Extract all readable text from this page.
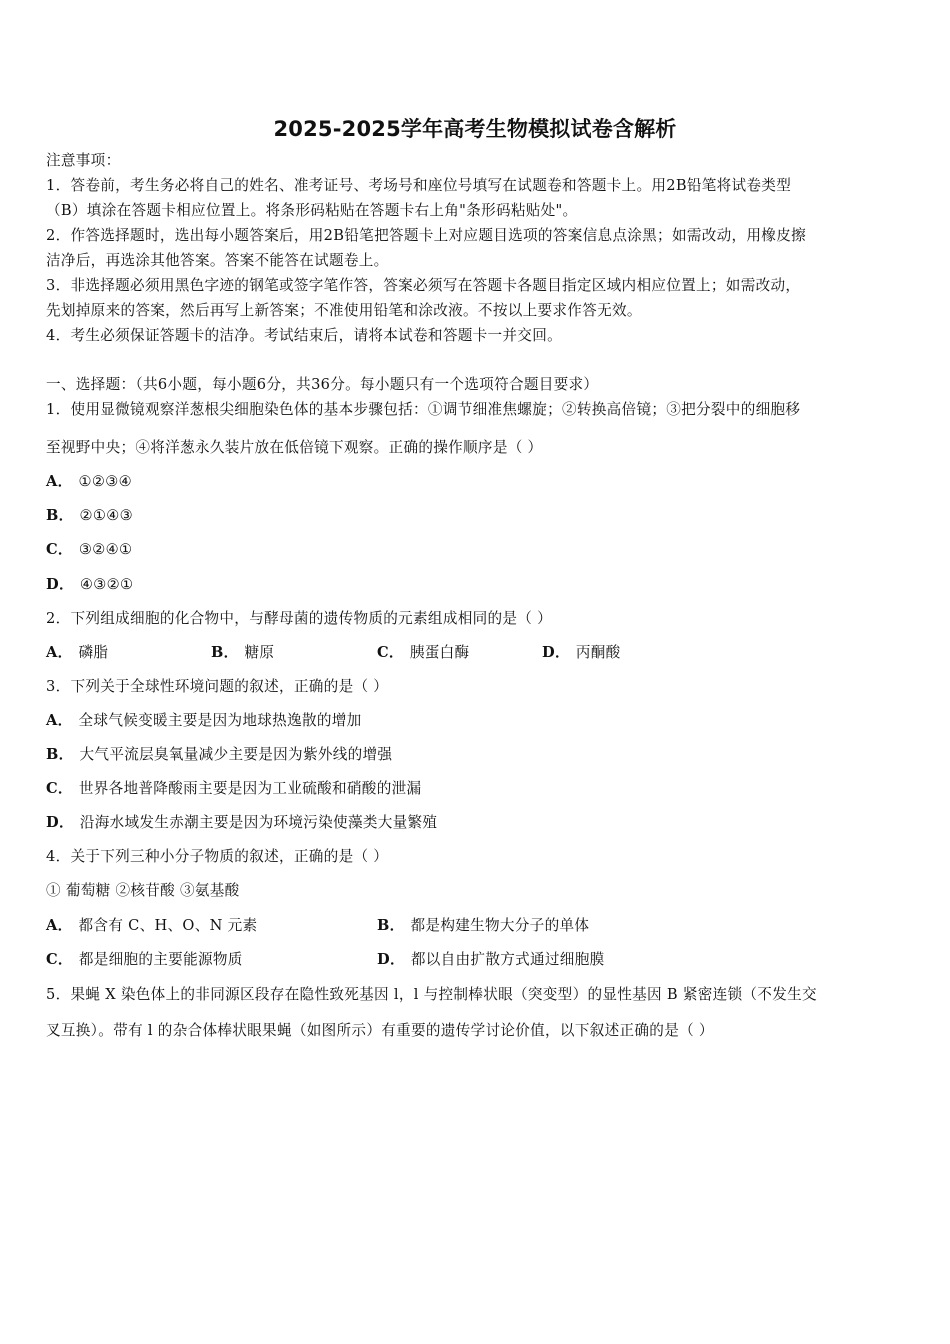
2025-2025学年高考生物模拟试卷含解析
注意事项：
1．答卷前，考生务必将自己的姓名、准考证号、考场号和座位号填写在试题卷和答题卡上。用2B铅笔将试卷类型
（B）填涂在答题卡相应位置上。将条形码粘贴在答题卡右上角"条形码粘贴处"。
2．作答选择题时，选出每小题答案后，用2B铅笔把答题卡上对应题目选项的答案信息点涂黑；如需改动，用橡皮擦
洁净后，再选涂其他答案。答案不能答在试题卷上。
3．非选择题必须用黑色字迹的钢笔或签字笔作答，答案必须写在答题卡各题目指定区域内相应位置上；如需改动，
先划掉原来的答案，然后再写上新答案；不准使用铅笔和涂改液。不按以上要求作答无效。
4．考生必须保证答题卡的洁净。考试结束后，请将本试卷和答题卡一并交回。
一、选择题：（共6小题，每小题6分，共36分。每小题只有一个选项符合题目要求）
1．使用显微镜观察洋葱根尖细胞染色体的基本步骤包括：①调节细准焦螺旋；②转换高倍镜；③把分裂中的细胞移
至视野中央；④将洋葱永久装片放在低倍镜下观察。正确的操作顺序是（ ）
A． ①②③④
B． ②①④③
C． ③②④①
D． ④③②①
2．下列组成细胞的化合物中，与酵母菌的遗传物质的元素组成相同的是（ ）
A． 磷脂	B． 糖原	C． 胰蛋白酶	D． 丙酮酸
3．下列关于全球性环境问题的叙述，正确的是（ ）
A． 全球气候变暖主要是因为地球热逸散的增加
B． 大气平流层臭氧量减少主要是因为紫外线的增强
C． 世界各地普降酸雨主要是因为工业硫酸和硝酸的泄漏
D． 沿海水域发生赤潮主要是因为环境污染使藻类大量繁殖
4．关于下列三种小分子物质的叙述，正确的是（ ）
① 葡萄糖 ②核苷酸 ③氨基酸
A． 都含有 C、H、O、N 元素	B． 都是构建生物大分子的单体
C． 都是细胞的主要能源物质	D． 都以自由扩散方式通过细胞膜
5．果蝇 X 染色体上的非同源区段存在隐性致死基因 l，l 与控制棒状眼（突变型）的显性基因 B 紧密连锁（不发生交
叉互换）。带有 l 的杂合体棒状眼果蝇（如图所示）有重要的遗传学讨论价值，以下叙述正确的是（ ）
